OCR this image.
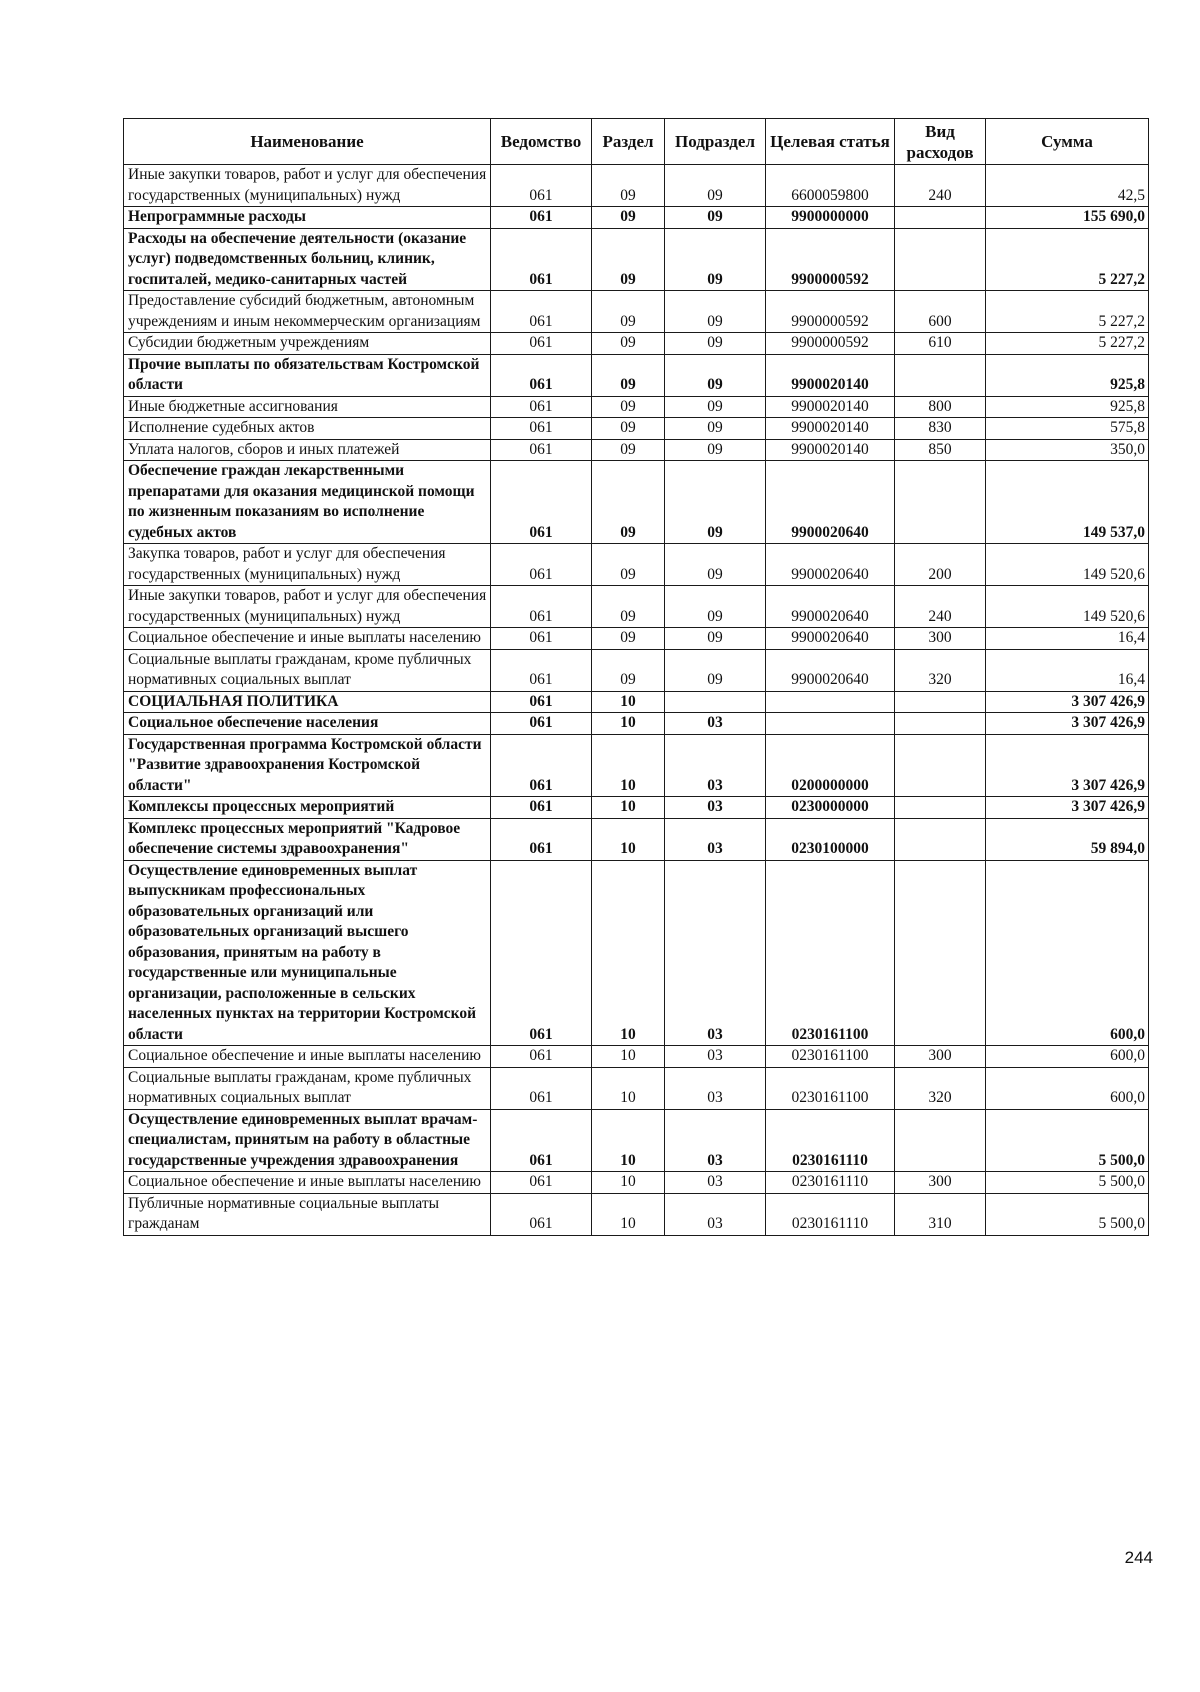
Наименование	Ведомство	Раздел	Подраздел	Целевая статья	Вид расходов	Сумма
Иные закупки товаров, работ и услуг для обеспечения государственных (муниципальных) нужд	061	09	09	6600059800	240	42,5
Непрограммные расходы	061	09	09	9900000000		155 690,0
Расходы на обеспечение деятельности (оказание услуг) подведомственных больниц, клиник, госпиталей, медико-санитарных частей	061	09	09	9900000592		5 227,2
Предоставление субсидий бюджетным, автономным учреждениям и иным некоммерческим организациям	061	09	09	9900000592	600	5 227,2
Субсидии бюджетным учреждениям	061	09	09	9900000592	610	5 227,2
Прочие выплаты по обязательствам Костромской области	061	09	09	9900020140		925,8
Иные бюджетные ассигнования	061	09	09	9900020140	800	925,8
Исполнение судебных актов	061	09	09	9900020140	830	575,8
Уплата налогов, сборов и иных платежей	061	09	09	9900020140	850	350,0
Обеспечение граждан лекарственными препаратами для оказания медицинской помощи по жизненным показаниям во исполнение судебных актов	061	09	09	9900020640		149 537,0
Закупка товаров, работ и услуг для обеспечения государственных (муниципальных) нужд	061	09	09	9900020640	200	149 520,6
Иные закупки товаров, работ и услуг для обеспечения государственных (муниципальных) нужд	061	09	09	9900020640	240	149 520,6
Социальное обеспечение и иные выплаты населению	061	09	09	9900020640	300	16,4
Социальные выплаты гражданам, кроме публичных нормативных социальных выплат	061	09	09	9900020640	320	16,4
СОЦИАЛЬНАЯ ПОЛИТИКА	061	10				3 307 426,9
Социальное обеспечение населения	061	10	03			3 307 426,9
Государственная программа Костромской области "Развитие здравоохранения Костромской области"	061	10	03	0200000000		3 307 426,9
Комплексы процессных мероприятий	061	10	03	0230000000		3 307 426,9
Комплекс процессных мероприятий "Кадровое обеспечение системы здравоохранения"	061	10	03	0230100000		59 894,0
Осуществление единовременных выплат выпускникам профессиональных образовательных организаций или образовательных организаций высшего образования, принятым на работу в государственные или муниципальные организации, расположенные в сельских населенных пунктах на территории Костромской области	061	10	03	0230161100		600,0
Социальное обеспечение и иные выплаты населению	061	10	03	0230161100	300	600,0
Социальные выплаты гражданам, кроме публичных нормативных социальных выплат	061	10	03	0230161100	320	600,0
Осуществление единовременных выплат врачам-специалистам, принятым на работу в областные государственные учреждения здравоохранения	061	10	03	0230161110		5 500,0
Социальное обеспечение и иные выплаты населению	061	10	03	0230161110	300	5 500,0
Публичные нормативные социальные выплаты гражданам	061	10	03	0230161110	310	5 500,0
244
